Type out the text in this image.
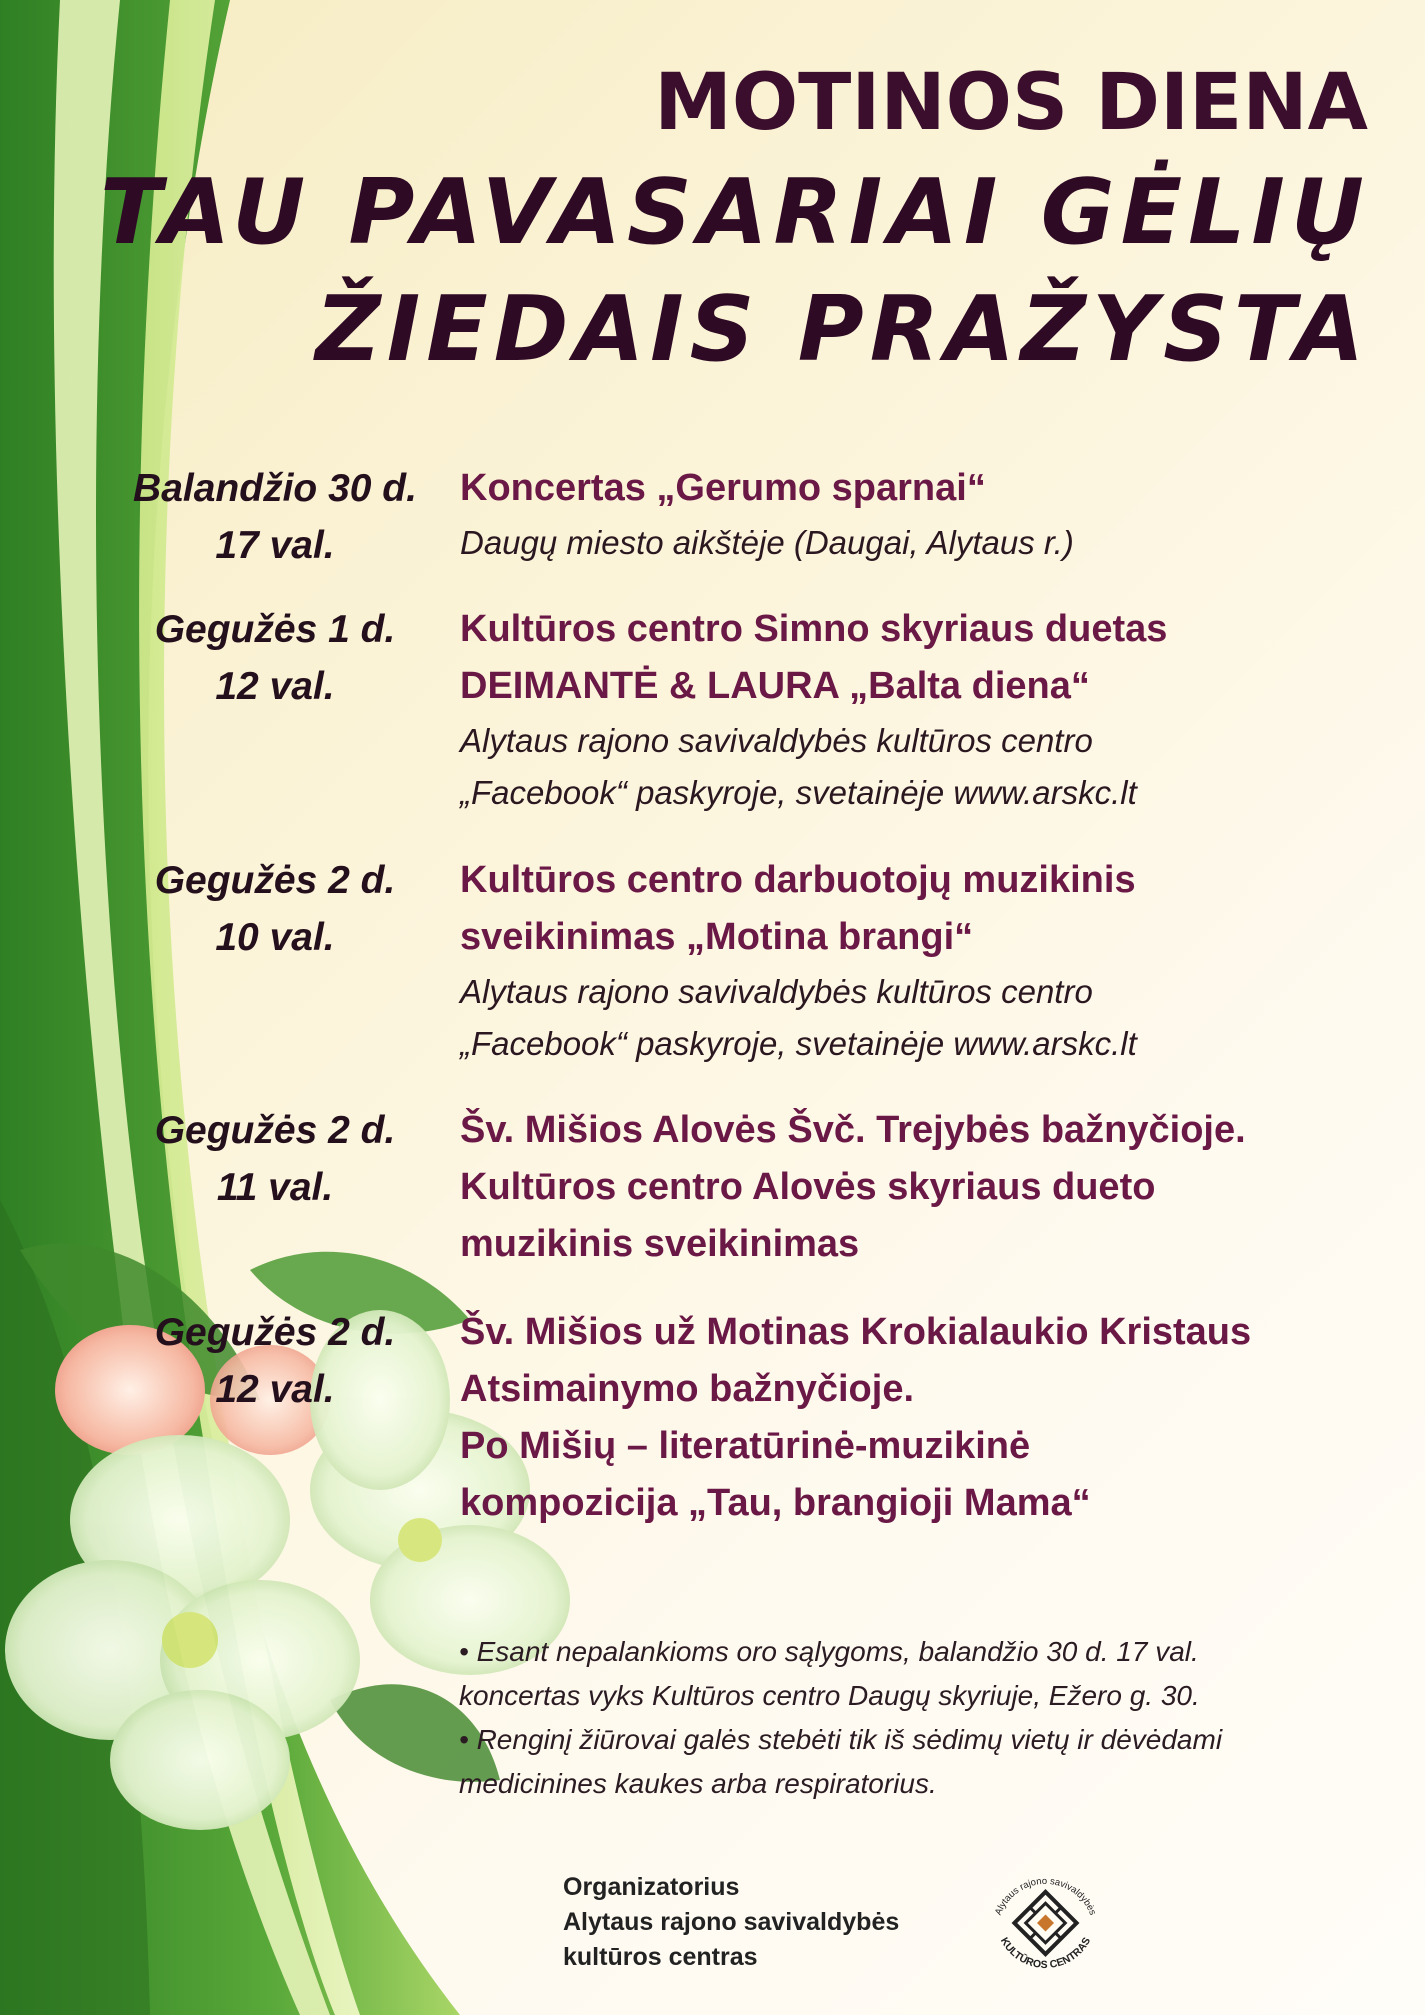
MOTINOS DIENA
TAU PAVASARIAI GĖLIŲ
ŽIEDAIS PRAŽYSTA
Balandžio 30 d.
17 val.
Koncertas „Gerumo sparnai“
Daugų miesto aikštėje (Daugai, Alytaus r.)
Gegužės 1 d.
12 val.
Kultūros centro Simno skyriaus duetas
DEIMANTĖ & LAURA „Balta diena“
Alytaus rajono savivaldybės kultūros centro
„Facebook“ paskyroje, svetainėje www.arskc.lt
Gegužės 2 d.
10 val.
Kultūros centro darbuotojų muzikinis
sveikinimas „Motina brangi“
Alytaus rajono savivaldybės kultūros centro
„Facebook“ paskyroje, svetainėje www.arskc.lt
Gegužės 2 d.
11 val.
Šv. Mišios Alovės Švč. Trejybės bažnyčioje.
Kultūros centro Alovės skyriaus dueto
muzikinis sveikinimas
Gegužės 2 d.
12 val.
Šv. Mišios už Motinas Krokialaukio Kristaus
Atsimainymo bažnyčioje.
Po Mišių – literatūrinė-muzikinė
kompozicija „Tau, brangioji Mama“
• Esant nepalankioms oro sąlygoms, balandžio 30 d. 17 val.
koncertas vyks Kultūros centro Daugų skyriuje, Ežero g. 30.
• Renginį žiūrovai galės stebėti tik iš sėdimų vietų ir dėvėdami
medicinines kaukes arba respiratorius.
Organizatorius
Alytaus rajono savivaldybės
kultūros centras
Alytaus rajono savivaldybės
KULTŪROS CENTRAS
